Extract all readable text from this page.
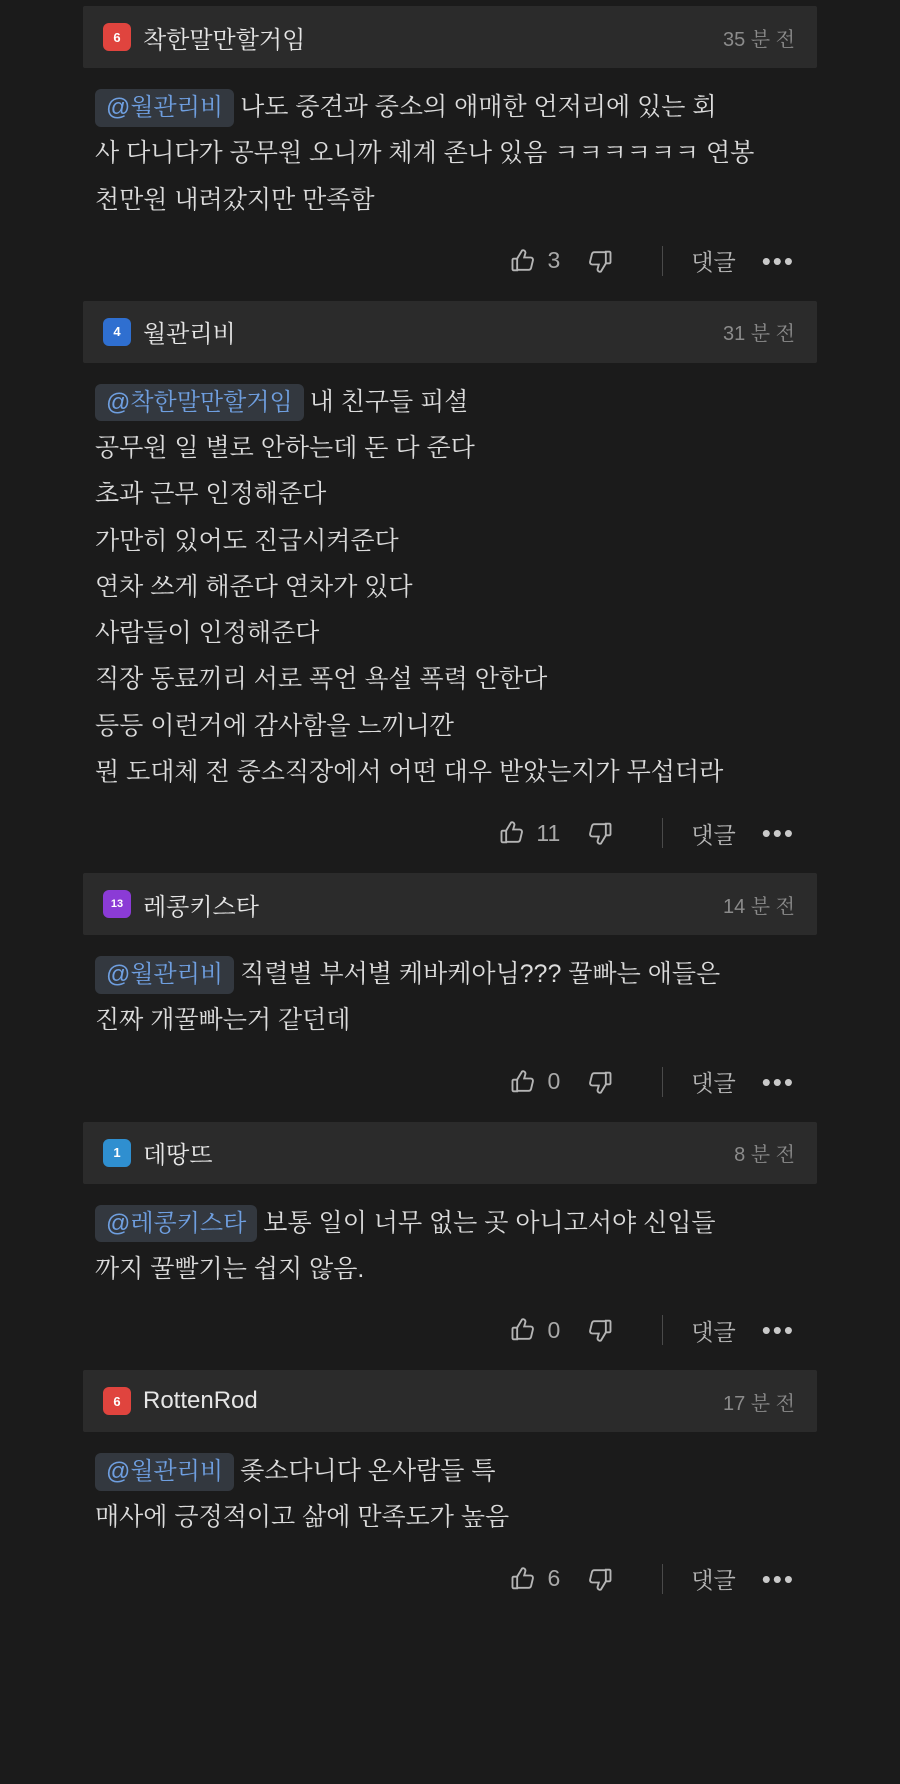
6 착한말만할거임	35 분 전
@월관리비 나도 중견과 중소의 애매한 언저리에 있는 회
사 다니다가 공무원 오니까 체계 존나 있음 ㅋㅋㅋㅋㅋㅋ 연봉
천만원 내려갔지만 만족함
3	댓글 •••
4 월관리비	31 분 전
@착한말만할거임 내 친구들 피셜
공무원 일 별로 안하는데 돈 다 준다
초과 근무 인정해준다
가만히 있어도 진급시켜준다
연차 쓰게 해준다 연차가 있다
사람들이 인정해준다
직장 동료끼리 서로 폭언 욕설 폭력 안한다
등등 이런거에 감사함을 느끼니깐
뭔 도대체 전 중소직장에서 어떤 대우 받았는지가 무섭더라
11	댓글 •••
13 레콩키스타	14 분 전
@월관리비 직렬별 부서별 케바케아님??? 꿀빠는 애들은
진짜 개꿀빠는거 같던데
0	댓글 •••
1 데땅뜨	8 분 전
@레콩키스타 보통 일이 너무 없는 곳 아니고서야 신입들
까지 꿀빨기는 쉽지 않음.
0	댓글 •••
6 RottenRod	17 분 전
@월관리비 좆소다니다 온사람들 특
매사에 긍정적이고 삶에 만족도가 높음
6	댓글 •••
